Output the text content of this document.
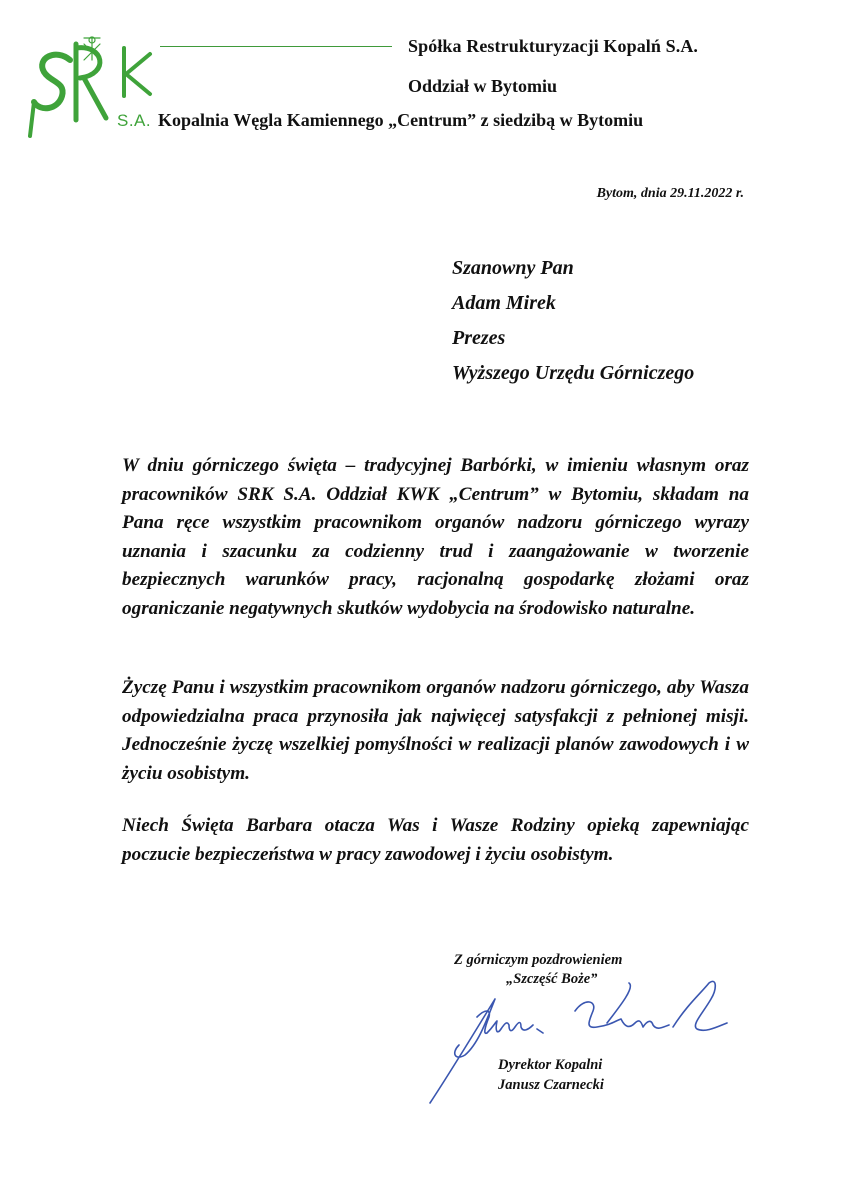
Spółka Restrukturyzacji Kopalń S.A.
Oddział w Bytomiu
S.A. Kopalnia Węgla Kamiennego „Centrum” z siedzibą w Bytomiu
Bytom, dnia 29.11.2022 r.
Szanowny Pan
Adam Mirek
Prezes
Wyższego Urzędu Górniczego

W dniu górniczego święta – tradycyjnej Barbórki, w imieniu własnym oraz pracowników SRK S.A. Oddział KWK „Centrum” w Bytomiu, składam na Pana ręce wszystkim pracownikom organów nadzoru górniczego wyrazy uznania i szacunku za codzienny trud i zaangażowanie w tworzenie bezpiecznych warunków pracy, racjonalną gospodarkę złożami oraz ograniczanie negatywnych skutków wydobycia na środowisko naturalne.

Życzę Panu i wszystkim pracownikom organów nadzoru górniczego, aby Wasza odpowiedzialna praca przynosiła jak najwięcej satysfakcji z pełnionej misji. Jednocześnie życzę wszelkiej pomyślności w realizacji planów zawodowych i w życiu osobistym.

Niech Święta Barbara otacza Was i Wasze Rodziny opieką zapewniając poczucie bezpieczeństwa w pracy zawodowej i życiu osobistym.

Z górniczym pozdrowieniem
„Szczęść Boże”
Dyrektor Kopalni
Janusz Czarnecki
